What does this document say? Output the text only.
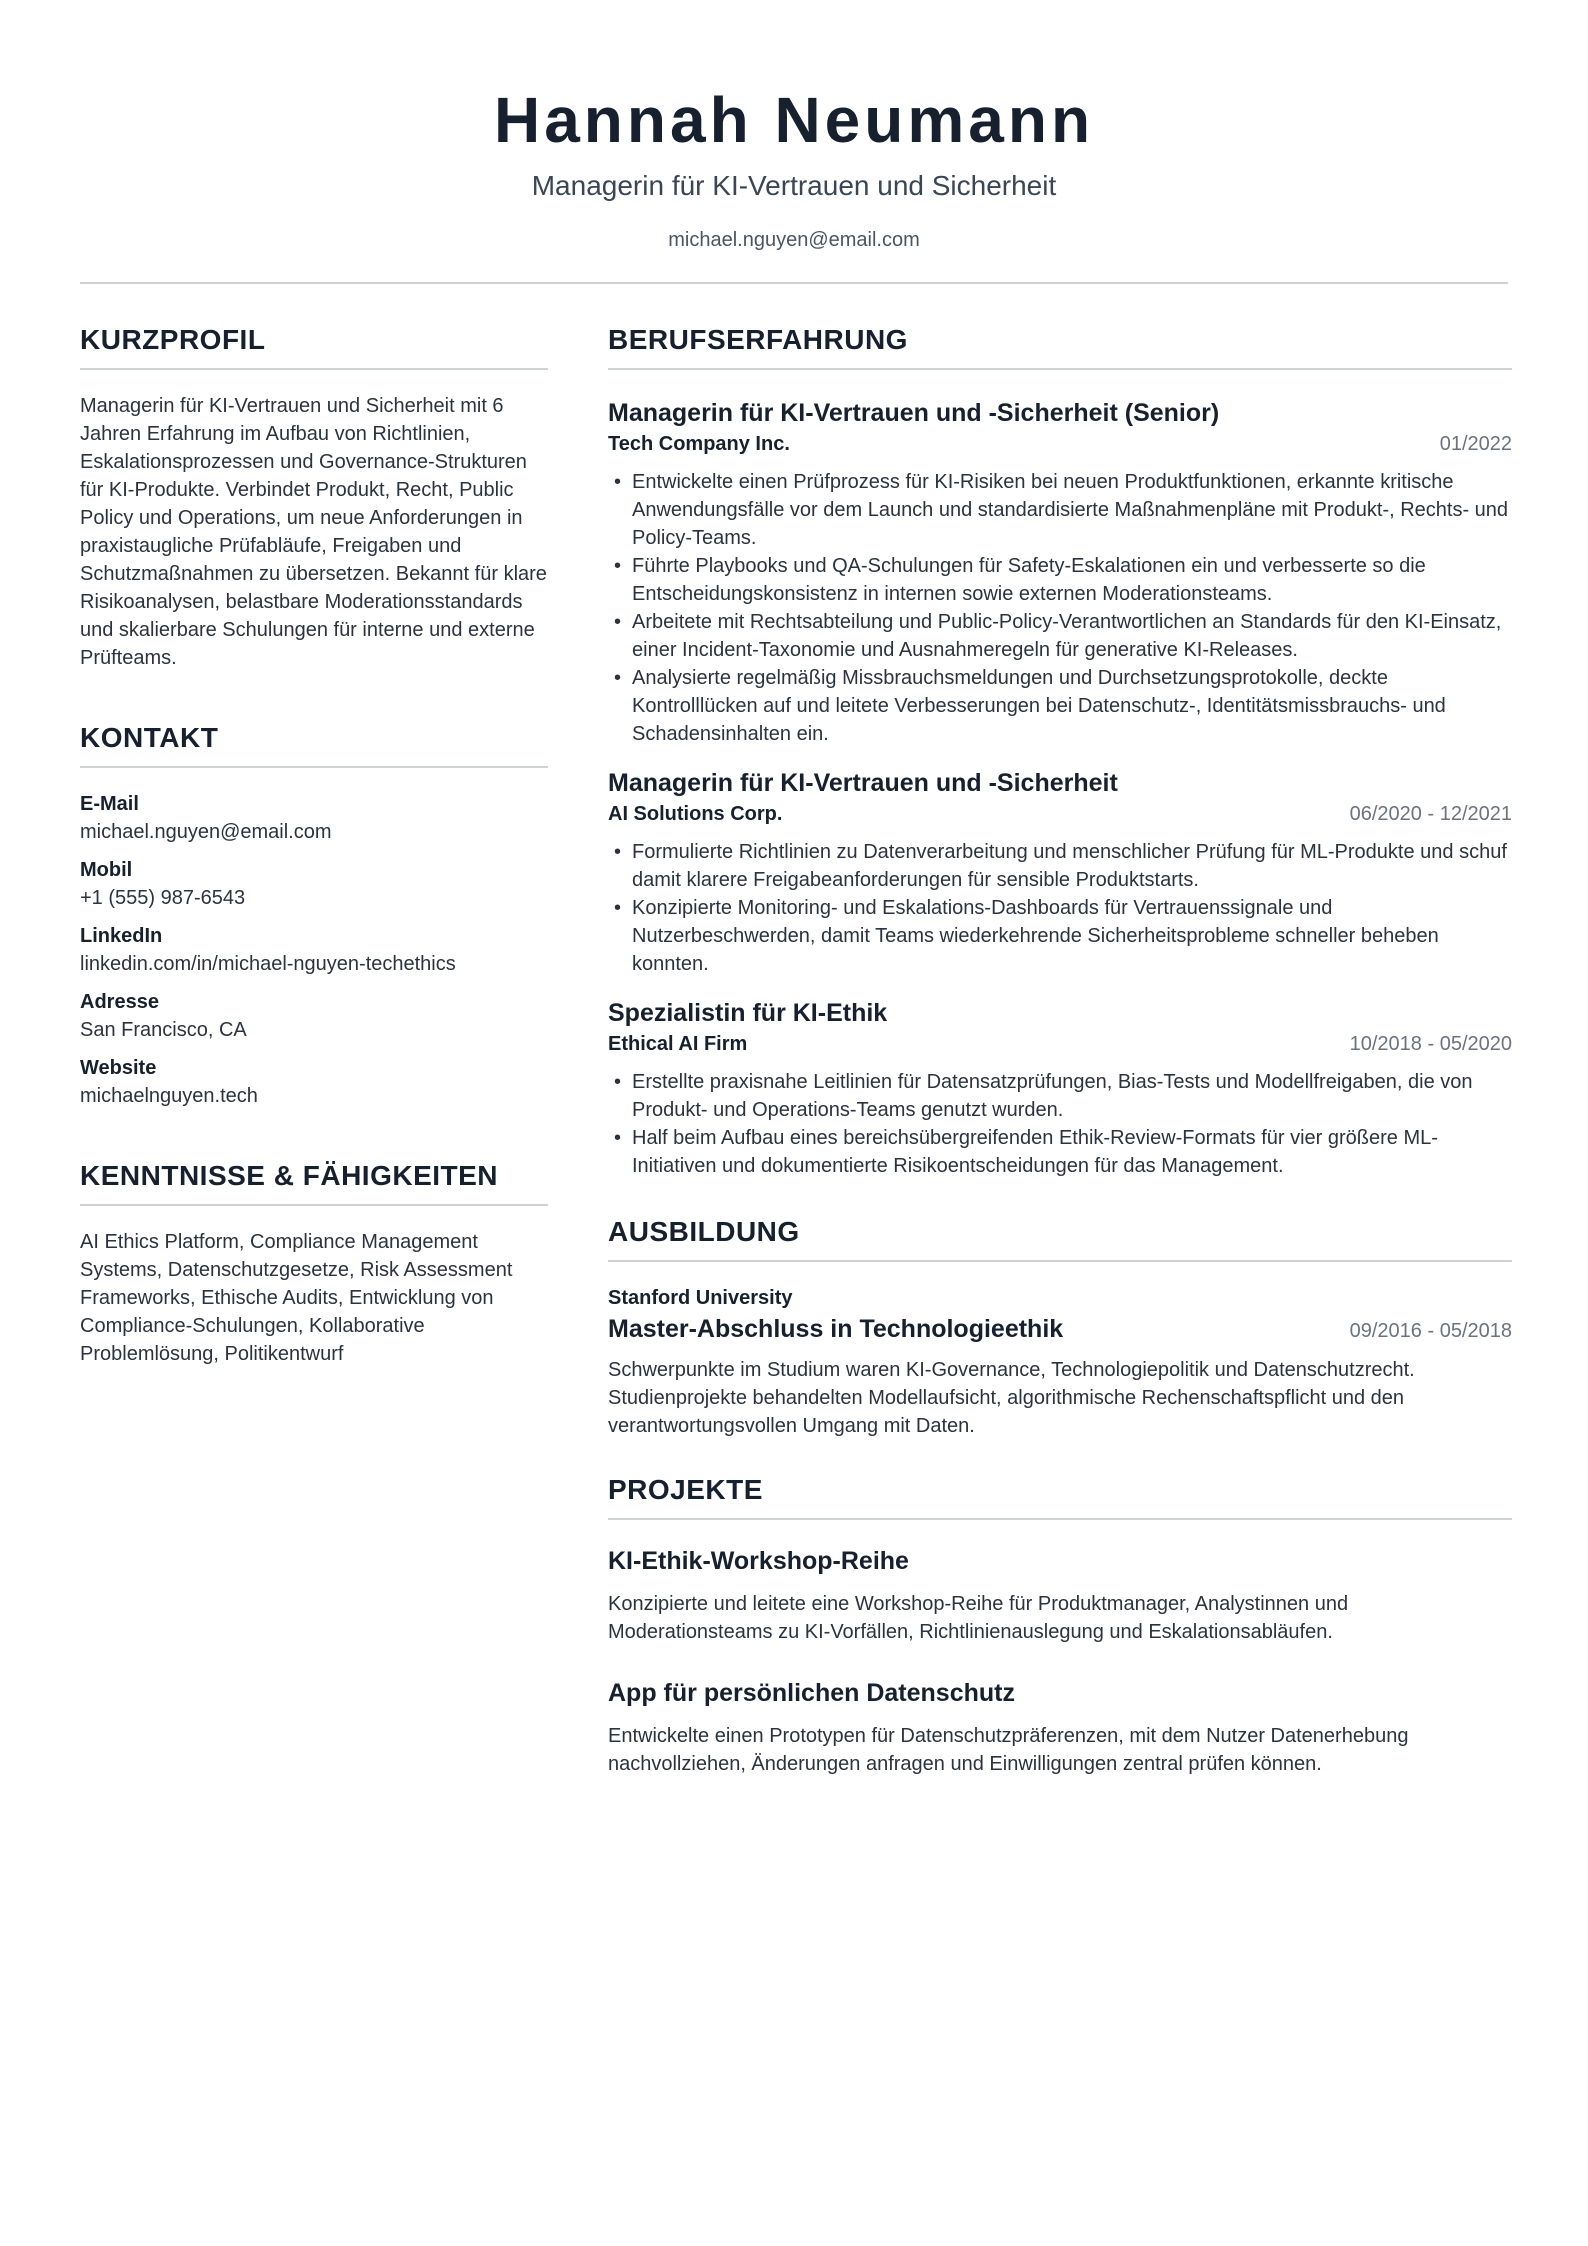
Hannah Neumann
Managerin für KI-Vertrauen und Sicherheit
michael.nguyen@email.com
KURZPROFIL

Managerin für KI-Vertrauen und Sicherheit mit 6 Jahren Erfahrung im Aufbau von Richtlinien, Eskalationsprozessen und Governance-Strukturen für KI-Produkte. Verbindet Produkt, Recht, Public Policy und Operations, um neue Anforderungen in praxistaugliche Prüfabläufe, Freigaben und Schutzmaßnahmen zu übersetzen. Bekannt für klare Risikoanalysen, belastbare Moderationsstandards und skalierbare Schulungen für interne und externe Prüfteams.

KONTAKT
E-Mail
michael.nguyen@email.com
Mobil
+1 (555) 987-6543
LinkedIn
linkedin.com/in/michael-nguyen-techethics
Adresse
San Francisco, CA
Website
michaelnguyen.tech
KENNTNISSE & FÄHIGKEITEN

AI Ethics Platform, Compliance Management Systems, Datenschutzgesetze, Risk Assessment Frameworks, Ethische Audits, Entwicklung von Compliance-Schulungen, Kollaborative Problemlösung, Politikentwurf

BERUFSERFAHRUNG
Managerin für KI-Vertrauen und -Sicherheit (Senior)
Tech Company Inc.	01/2022
• Entwickelte einen Prüfprozess für KI-Risiken bei neuen Produktfunktionen, erkannte kritische Anwendungsfälle vor dem Launch und standardisierte Maßnahmenpläne mit Produkt-, Rechts- und Policy-Teams.
• Führte Playbooks und QA-Schulungen für Safety-Eskalationen ein und verbesserte so die Entscheidungskonsistenz in internen sowie externen Moderationsteams.
• Arbeitete mit Rechtsabteilung und Public-Policy-Verantwortlichen an Standards für den KI-Einsatz, einer Incident-Taxonomie und Ausnahmeregeln für generative KI-Releases.
• Analysierte regelmäßig Missbrauchsmeldungen und Durchsetzungsprotokolle, deckte Kontrolllücken auf und leitete Verbesserungen bei Datenschutz-, Identitätsmissbrauchs- und Schadensinhalten ein.
Managerin für KI-Vertrauen und -Sicherheit
AI Solutions Corp.	06/2020 - 12/2021
• Formulierte Richtlinien zu Datenverarbeitung und menschlicher Prüfung für ML-Produkte und schuf damit klarere Freigabeanforderungen für sensible Produktstarts.
• Konzipierte Monitoring- und Eskalations-Dashboards für Vertrauenssignale und Nutzerbeschwerden, damit Teams wiederkehrende Sicherheitsprobleme schneller beheben konnten.
Spezialistin für KI-Ethik
Ethical AI Firm	10/2018 - 05/2020
• Erstellte praxisnahe Leitlinien für Datensatzprüfungen, Bias-Tests und Modellfreigaben, die von Produkt- und Operations-Teams genutzt wurden.
• Half beim Aufbau eines bereichsübergreifenden Ethik-Review-Formats für vier größere ML-Initiativen und dokumentierte Risikoentscheidungen für das Management.
AUSBILDUNG
Stanford University
Master-Abschluss in Technologieethik	09/2016 - 05/2018

Schwerpunkte im Studium waren KI-Governance, Technologiepolitik und Datenschutzrecht. Studienprojekte behandelten Modellaufsicht, algorithmische Rechenschaftspflicht und den verantwortungsvollen Umgang mit Daten.

PROJEKTE
KI-Ethik-Workshop-Reihe

Konzipierte und leitete eine Workshop-Reihe für Produktmanager, Analystinnen und Moderationsteams zu KI-Vorfällen, Richtlinienauslegung und Eskalationsabläufen.

App für persönlichen Datenschutz

Entwickelte einen Prototypen für Datenschutzpräferenzen, mit dem Nutzer Datenerhebung nachvollziehen, Änderungen anfragen und Einwilligungen zentral prüfen können.
